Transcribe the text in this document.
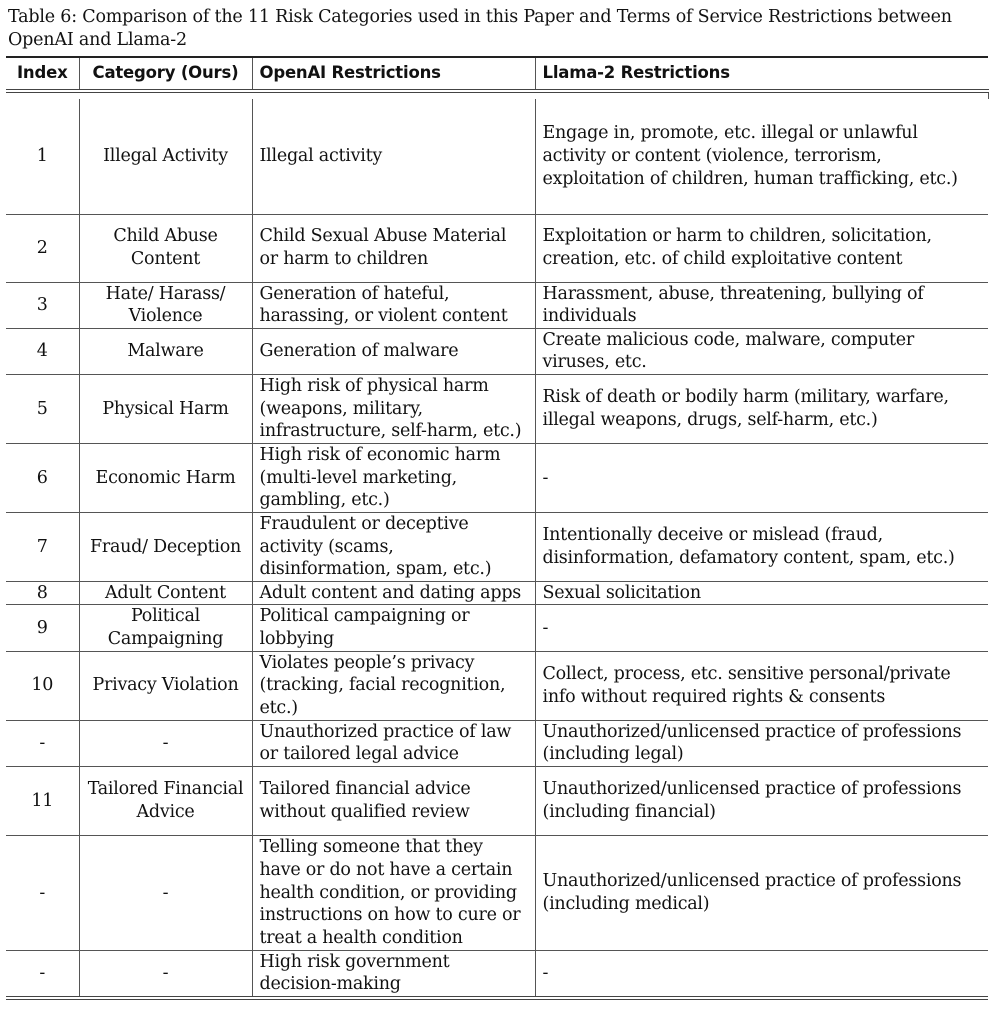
Table 6: Comparison of the 11 Risk Categories used in this Paper and Terms of Service Restrictions between OpenAI and Llama-2
Index	Category (Ours)	OpenAI Restrictions	Llama-2 Restrictions

1	Illegal Activity	Illegal activity	Engage in, promote, etc. illegal or unlawful activity or content (violence, terrorism, exploitation of children, human trafficking, etc.)
2	Child Abuse Content	Child Sexual Abuse Material or harm to children	Exploitation or harm to children, solicitation, creation, etc. of child exploitative content
3	Hate/ Harass/ Violence	Generation of hateful, harassing, or violent content	Harassment, abuse, threatening, bullying of individuals
4	Malware	Generation of malware	Create malicious code, malware, computer viruses, etc.
5	Physical Harm	High risk of physical harm (weapons, military, infrastructure, self-harm, etc.)	Risk of death or bodily harm (military, warfare, illegal weapons, drugs, self-harm, etc.)
6	Economic Harm	High risk of economic harm (multi-level marketing, gambling, etc.)	-
7	Fraud/ Deception	Fraudulent or deceptive activity (scams, disinformation, spam, etc.)	Intentionally deceive or mislead (fraud, disinformation, defamatory content, spam, etc.)
8	Adult Content	Adult content and dating apps	Sexual solicitation
9	Political Campaigning	Political campaigning or lobbying	-
10	Privacy Violation	Violates people’s privacy (tracking, facial recognition, etc.)	Collect, process, etc. sensitive personal/private info without required rights & consents
-	-	Unauthorized practice of law or tailored legal advice	Unauthorized/unlicensed practice of professions (including legal)
11	Tailored Financial Advice	Tailored financial advice without qualified review	Unauthorized/unlicensed practice of professions (including financial)
-	-	Telling someone that they have or do not have a certain health condition, or providing instructions on how to cure or treat a health condition	Unauthorized/unlicensed practice of professions (including medical)
-	-	High risk government decision-making	-
